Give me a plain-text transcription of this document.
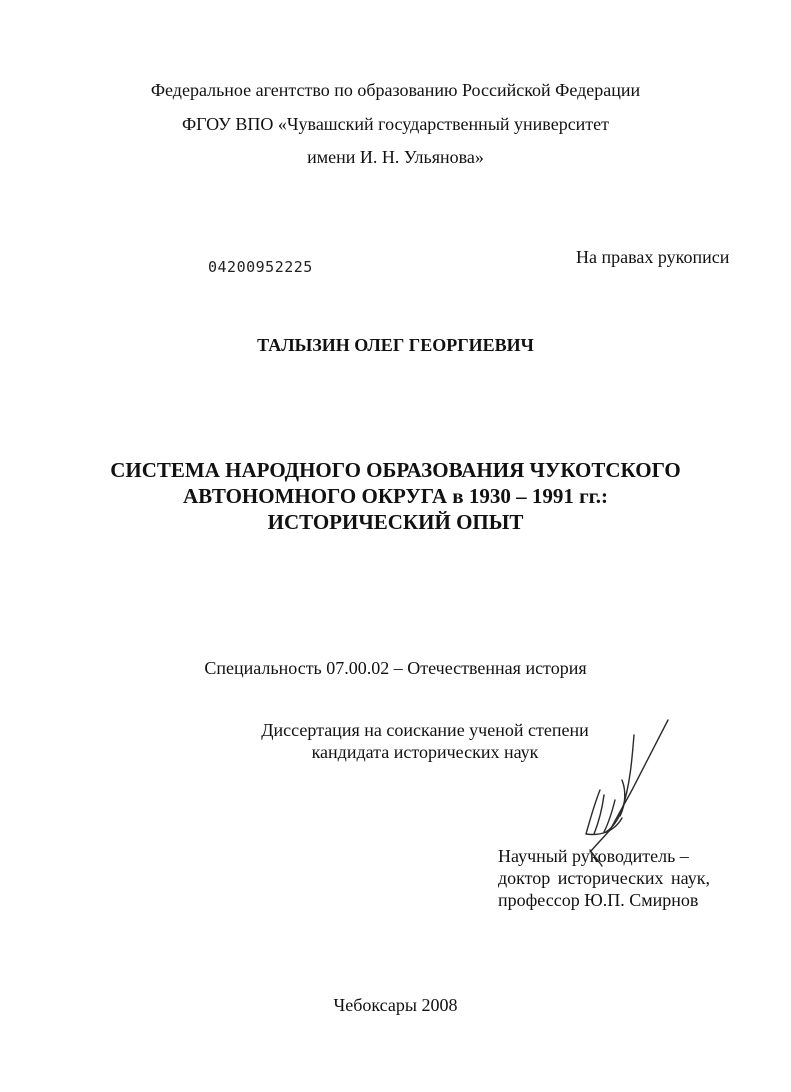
Федеральное агентство по образованию Российской Федерации
ФГОУ ВПО «Чувашский государственный университет
имени И. Н. Ульянова»
04200952225	На правах рукописи
ТАЛЫЗИН ОЛЕГ ГЕОРГИЕВИЧ
СИСТЕМА НАРОДНОГО ОБРАЗОВАНИЯ ЧУКОТСКОГО
АВТОНОМНОГО ОКРУГА в 1930 – 1991 гг.:
ИСТОРИЧЕСКИЙ ОПЫТ
Специальность 07.00.02 – Отечественная история
Диссертация на соискание ученой степени
кандидата исторических наук
Научный руководитель –
доктор исторических наук,
профессор Ю.П. Смирнов
Чебоксары 2008
